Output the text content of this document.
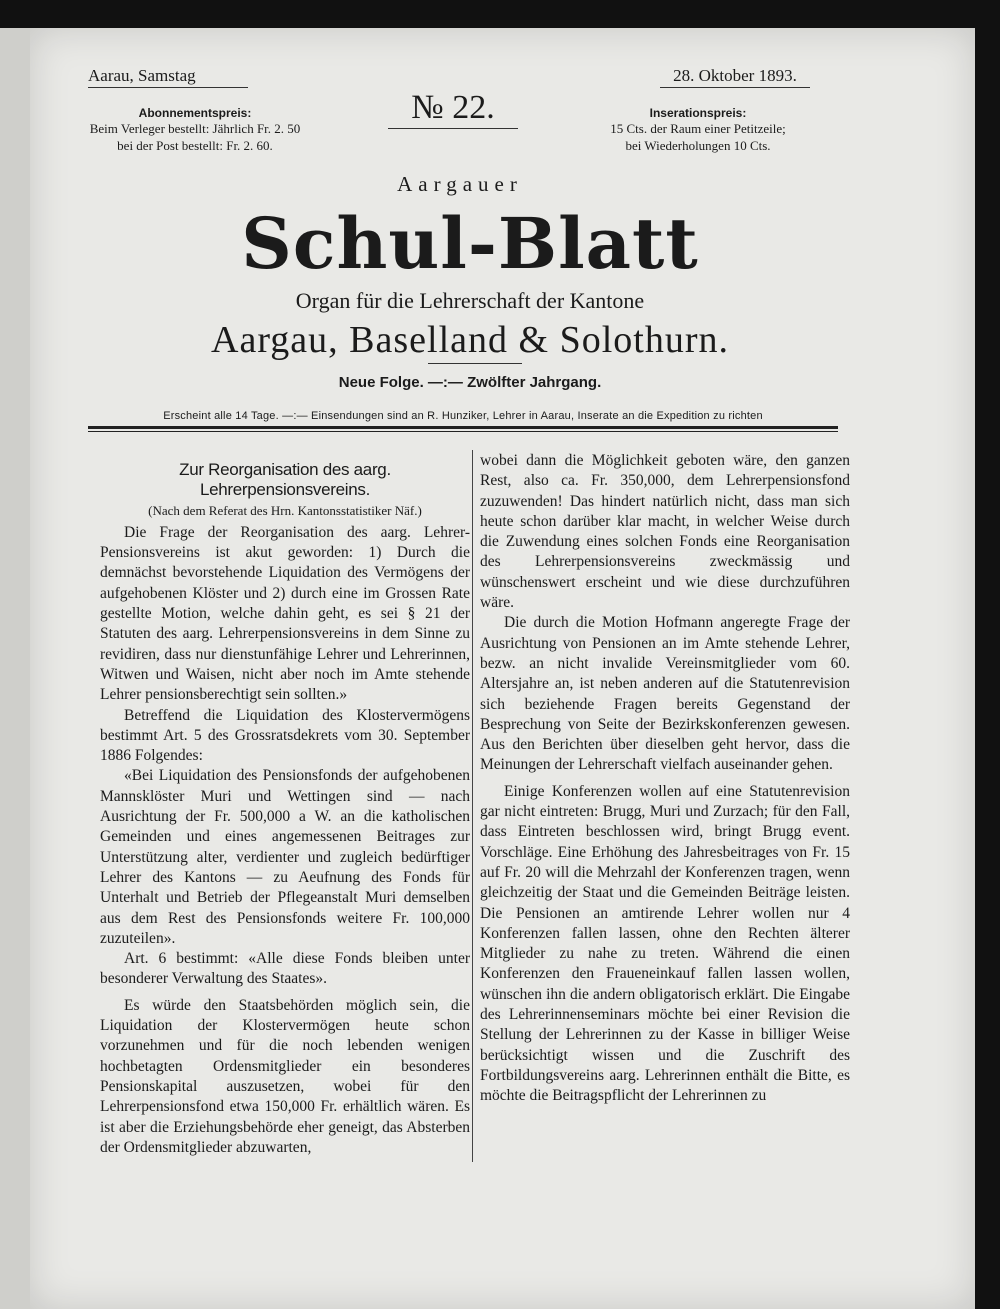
Aarau, Samstag
№ 22.
28. Oktober 1893.
Abonnementspreis:
Beim Verleger bestellt: Jährlich Fr. 2. 50
bei der Post bestellt: Fr. 2. 60.
Inserationspreis:
15 Cts. der Raum einer Petitzeile;
bei Wiederholungen 10 Cts.
Aargauer
Schul-Blatt
Organ für die Lehrerschaft der Kantone
Aargau, Baselland & Solothurn.
Neue Folge. —:— Zwölfter Jahrgang.
Erscheint alle 14 Tage. —:— Einsendungen sind an R. Hunziker, Lehrer in Aarau, Inserate an die Expedition zu richten

Zur Reorganisation des aarg. Lehrerpensionsvereins.

(Nach dem Referat des Hrn. Kantonsstatistiker Näf.)

Die Frage der Reorganisation des aarg. Lehrer-Pensionsvereins ist akut geworden: 1) Durch die demnächst bevorstehende Liquidation des Vermögens der aufgehobenen Klöster und 2) durch eine im Grossen Rate gestellte Motion, welche dahin geht, es sei § 21 der Statuten des aarg. Lehrerpensionsvereins in dem Sinne zu revidiren, dass nur dienstunfähige Lehrer und Lehrerinnen, Witwen und Waisen, nicht aber noch im Amte stehende Lehrer pensionsberechtigt sein sollten.»

Betreffend die Liquidation des Klostervermögens bestimmt Art. 5 des Grossratsdekrets vom 30. September 1886 Folgendes:

«Bei Liquidation des Pensionsfonds der aufgehobenen Mannsklöster Muri und Wettingen sind — nach Ausrichtung der Fr. 500,000 a W. an die katholischen Gemeinden und eines angemessenen Beitrages zur Unterstützung alter, verdienter und zugleich bedürftiger Lehrer des Kantons — zu Aeufnung des Fonds für Unterhalt und Betrieb der Pflegeanstalt Muri demselben aus dem Rest des Pensionsfonds weitere Fr. 100,000 zuzuteilen».

Art. 6 bestimmt: «Alle diese Fonds bleiben unter besonderer Verwaltung des Staates».

Es würde den Staatsbehörden möglich sein, die Liquidation der Klostervermögen heute schon vorzunehmen und für die noch lebenden wenigen hochbetagten Ordensmitglieder ein besonderes Pensionskapital auszusetzen, wobei für den Lehrerpensionsfond etwa 150,000 Fr. erhältlich wären. Es ist aber die Erziehungsbehörde eher geneigt, das Absterben der Ordensmitglieder abzuwarten,

wobei dann die Möglichkeit geboten wäre, den ganzen Rest, also ca. Fr. 350,000, dem Lehrerpensionsfond zuzuwenden! Das hindert natürlich nicht, dass man sich heute schon darüber klar macht, in welcher Weise durch die Zuwendung eines solchen Fonds eine Reorganisation des Lehrerpensionsvereins zweckmässig und wünschenswert erscheint und wie diese durchzuführen wäre.

Die durch die Motion Hofmann angeregte Frage der Ausrichtung von Pensionen an im Amte stehende Lehrer, bezw. an nicht invalide Vereinsmitglieder vom 60. Altersjahre an, ist neben anderen auf die Statutenrevision sich beziehende Fragen bereits Gegenstand der Besprechung von Seite der Bezirkskonferenzen gewesen. Aus den Berichten über dieselben geht hervor, dass die Meinungen der Lehrerschaft vielfach auseinander gehen.

Einige Konferenzen wollen auf eine Statutenrevision gar nicht eintreten: Brugg, Muri und Zurzach; für den Fall, dass Eintreten beschlossen wird, bringt Brugg event. Vorschläge. Eine Erhöhung des Jahresbeitrages von Fr. 15 auf Fr. 20 will die Mehrzahl der Konferenzen tragen, wenn gleichzeitig der Staat und die Gemeinden Beiträge leisten. Die Pensionen an amtirende Lehrer wollen nur 4 Konferenzen fallen lassen, ohne den Rechten älterer Mitglieder zu nahe zu treten. Während die einen Konferenzen den Fraueneinkauf fallen lassen wollen, wünschen ihn die andern obligatorisch erklärt. Die Eingabe des Lehrerinnenseminars möchte bei einer Revision die Stellung der Lehrerinnen zu der Kasse in billiger Weise berücksichtigt wissen und die Zuschrift des Fortbildungsvereins aarg. Lehrerinnen enthält die Bitte, es möchte die Beitragspflicht der Lehrerinnen zu
